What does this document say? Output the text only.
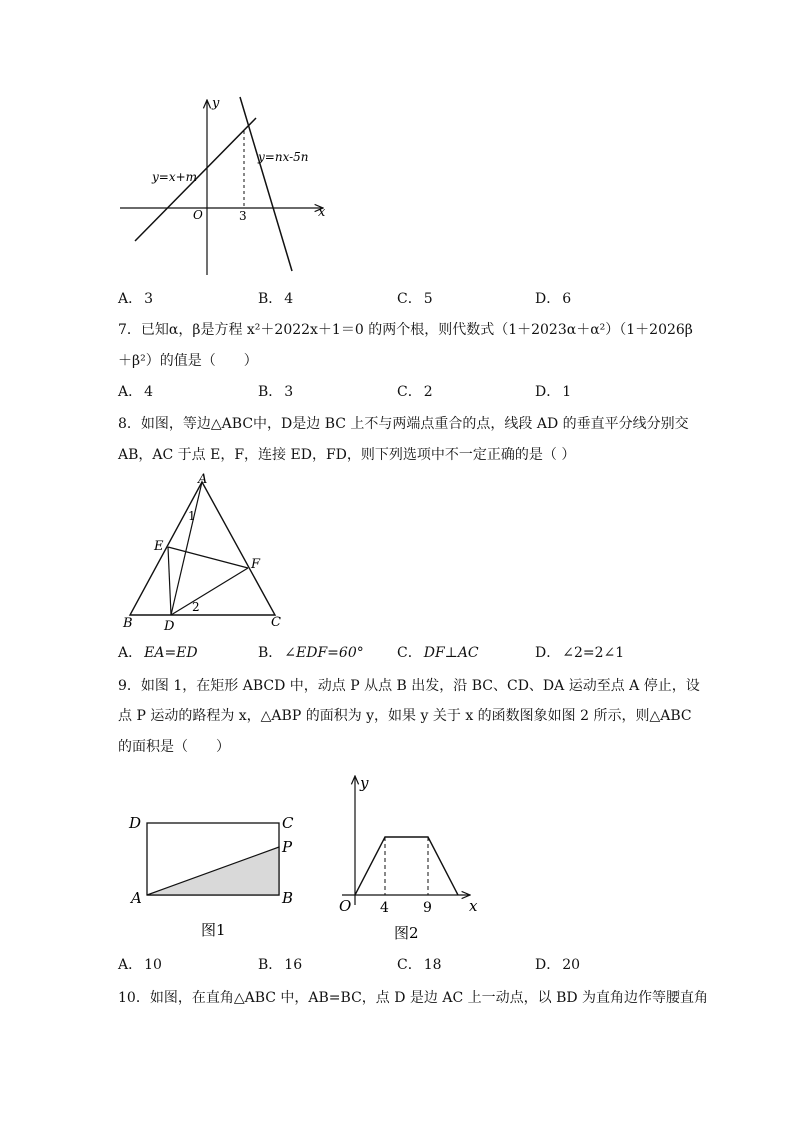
y
x
O	3
y=x+m
y=nx-5n
A． 3	B． 4	C． 5	D． 6
7．已知α，β是方程 x²＋2022x＋1＝0 的两个根，则代数式（1＋2023α＋α²）（1＋2026β
＋β²）的值是（　　）
A． 4	B． 3	C． 2	D． 1
8．如图，等边△ABC中，D是边 BC 上不与两端点重合的点，线段 AD 的垂直平分线分别交
AB，AC 于点 E，F，连接 ED，FD，则下列选项中不一定正确的是（ ）
A
B	C
D
E
F
1
2
A． EA=ED	B． ∠EDF=60° C． DF⊥AC	D． ∠2=2∠1
9．如图 1，在矩形 ABCD 中，动点 P 从点 B 出发，沿 BC、CD、DA 运动至点 A 停止，设
点 P 运动的路程为 x，△ABP 的面积为 y，如果 y 关于 x 的函数图象如图 2 所示，则△ABC
的面积是（　　）
D	C
P
A	B
图1
y
x
O 4 9
图2
A． 10	B． 16	C． 18	D． 20
10．如图，在直角△ABC 中，AB=BC，点 D 是边 AC 上一动点，以 BD 为直角边作等腰直角
